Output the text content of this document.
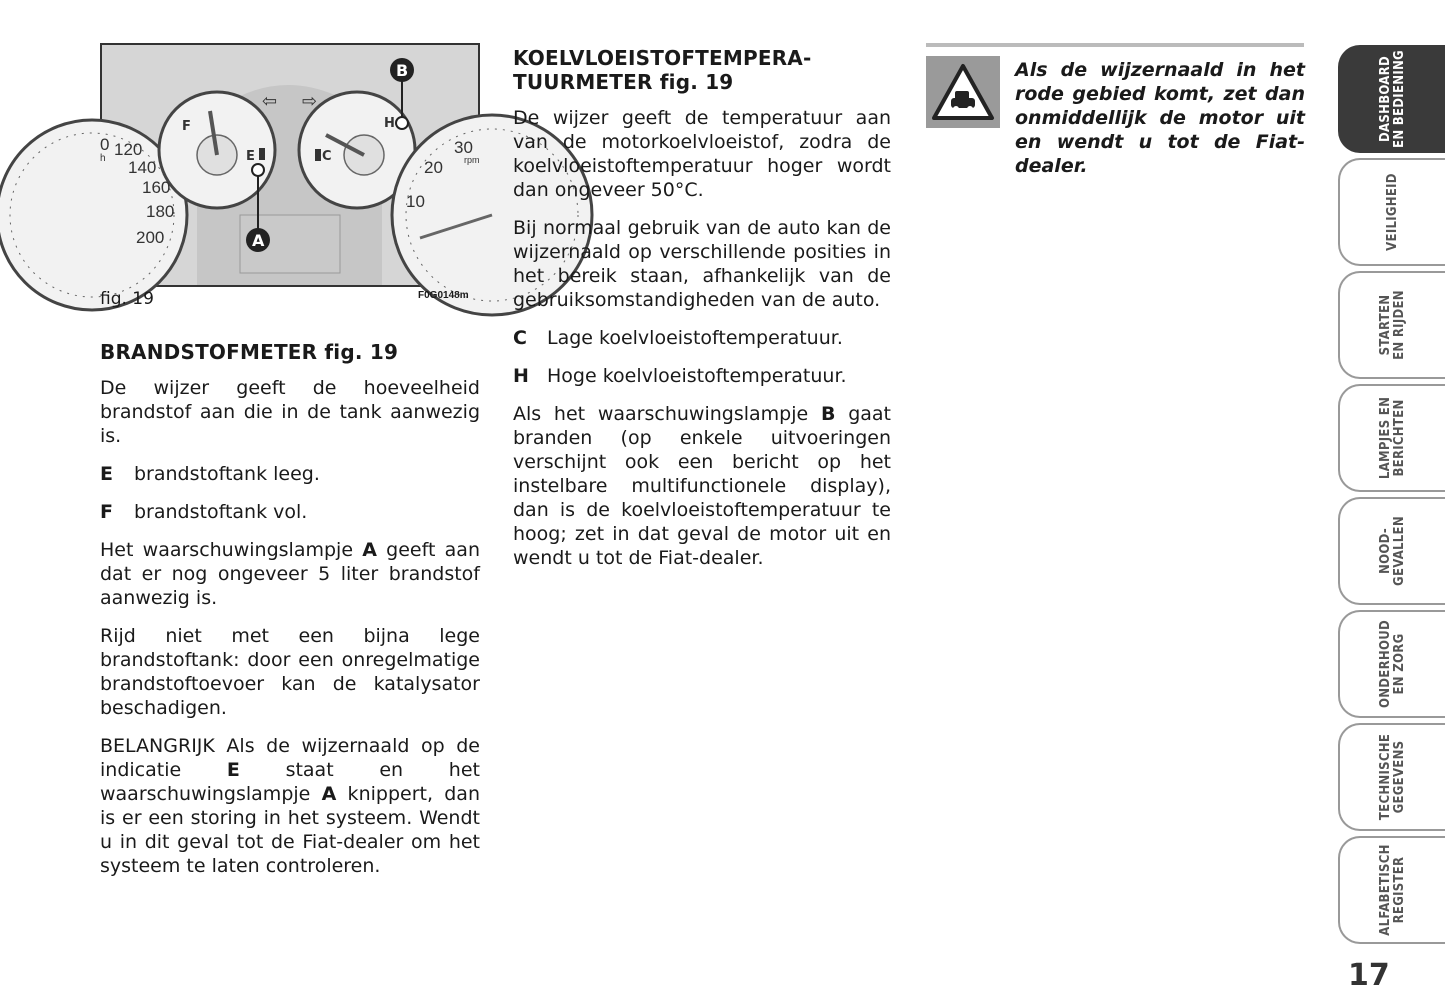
⇦ ⇨
A
B
F
E	C
H
0
h 120
140
160
180
200
30
rpm
20
10
fig. 19	F0G0148m
BRANDSTOFMETER fig. 19

De wijzer geeft de hoeveelheid brandstof aan die in de tank aanwezig is.

E	brandstoftank leeg.
F	brandstoftank vol.

Het waarschuwingslampje A geeft aan dat er nog ongeveer 5 liter brandstof aanwezig is.

Rijd niet met een bijna lege brandstoftank: door een onregelmatige brandstoftoevoer kan de katalysator beschadigen.

BELANGRIJK Als de wijzernaald op de indicatie E staat en het waarschuwingslampje A knippert, dan is er een storing in het systeem. Wendt u in dit geval tot de Fiat-dealer om het systeem te laten controleren.

KOELVLOEISTOFTEMPERA-
TUURMETER fig. 19

De wijzer geeft de temperatuur aan van de motorkoelvloeistof, zodra de koelvloeistoftemperatuur hoger wordt dan ongeveer 50°C.

Bij normaal gebruik van de auto kan de wijzernaald op verschillende posities in het bereik staan, afhankelijk van de gebruiksomstandigheden van de auto.

C	Lage koelvloeistoftemperatuur.
H Hoge koelvloeistoftemperatuur.

Als het waarschuwingslampje B gaat branden (op enkele uitvoeringen verschijnt ook een bericht op het instelbare multifunctionele display), dan is de koelvloeistoftemperatuur te hoog; zet in dat geval de motor uit en wendt u tot de Fiat-dealer.

Als de wijzernaald in het rode gebied komt, zet dan onmiddellijk de motor uit en wendt u tot de Fiat-dealer.
DASHBOARD
EN BEDIENING
VEILIGHEID
STARTEN
EN RIJDEN
LAMPJES EN
BERICHTEN
NOOD-
GEVALLEN
ONDERHOUD
EN ZORG
TECHNISCHE
GEGEVENS
ALFABETISCH
REGISTER
17
